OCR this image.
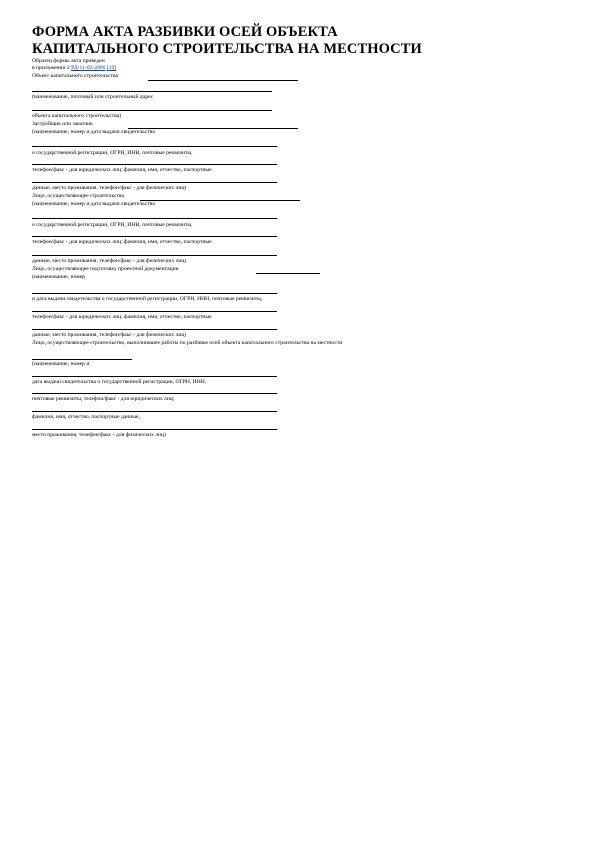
ФОРМА АКТА РАЗБИВКИ ОСЕЙ ОБЪЕКТА
КАПИТАЛЬНОГО СТРОИТЕЛЬСТВА НА МЕСТНОСТИ
Образец формы акта приведен
в приложении 2 РД-11-02-2006 [10]
Объект капитального строительства
(наименование, почтовый или строительный адрес
объекта капитального строительства)
Застройщик или заказчик
(наименование, номер и дата выдачи свидетельства
о государственной регистрации, ОГРН, ИНН, почтовые реквизиты,
телефон/факс - для юридических лиц; фамилия, имя, отчество, паспортные
данные, место проживания, телефон/факс - для физических лиц)
Лицо, осуществляющее строительство
(наименование, номер и дата выдачи свидетельства
о государственной регистрации, ОГРН, ИНН, почтовые реквизиты,
телефон/факс - для юридических лиц; фамилия, имя, отчество, паспортные
данные, место проживания, телефон/факс - для физических лиц)
Лицо, осуществляющее подготовку проектной документации
(наименование, номер
и дата выдачи свидетельства о государственной регистрации, ОГРН, ИНН, почтовые реквизиты,
телефон/факс - для юридических лиц; фамилия, имя, отчество, паспортные
данные, место проживания, телефон/факс - для физических лиц)
Лицо, осуществляющее строительство, выполнившее работы по разбивке осей объекта капитального строительства на местности
(наименование, номер и
дата выдачи свидетельства о государственной регистрации, ОГРН, ИНН,
почтовые реквизиты, телефон/факс - для юридических лиц;
фамилия, имя, отчество, паспортные данные,
место проживания, телефон/факс - для физических лиц)
